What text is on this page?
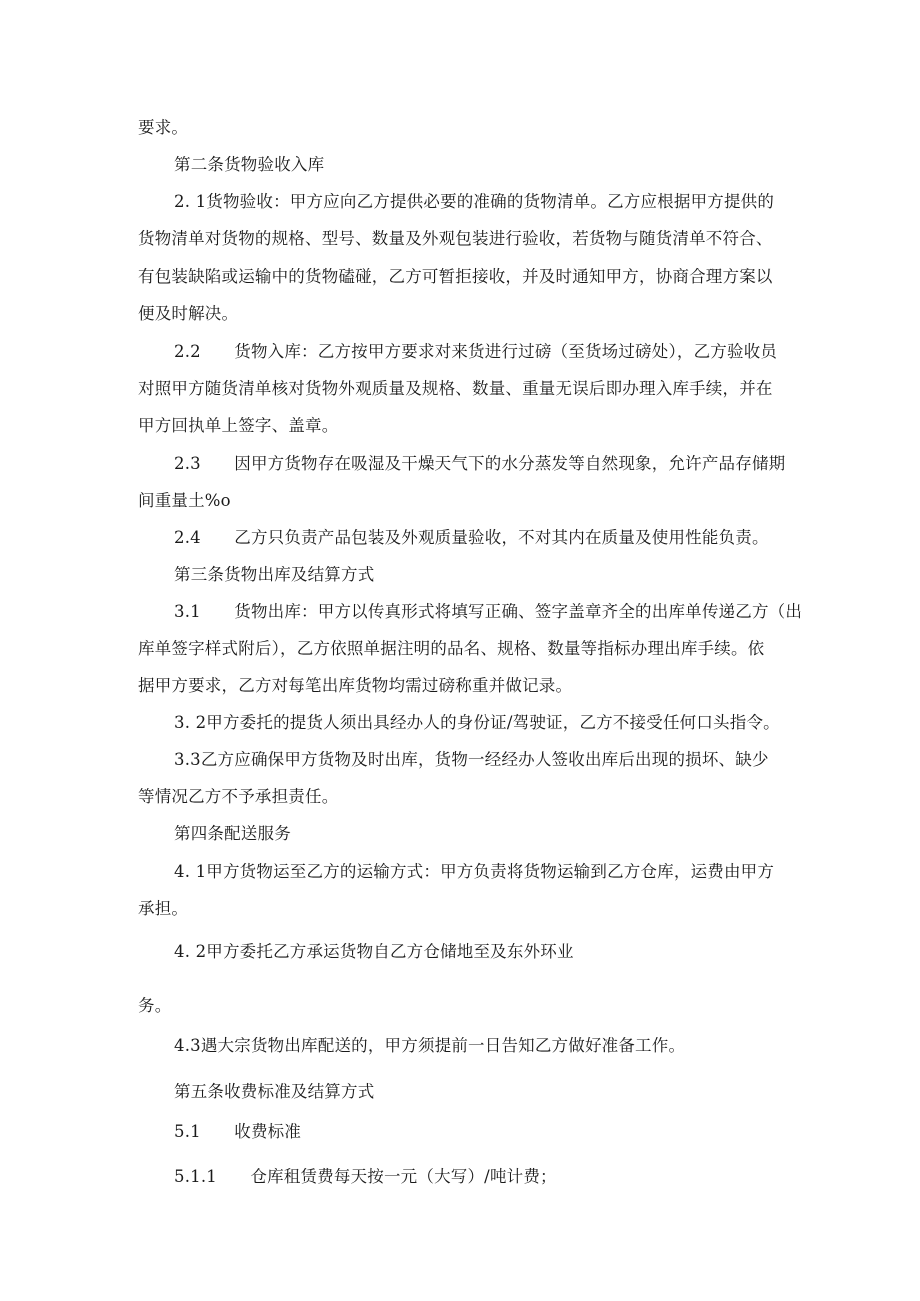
要求。
第二条货物验收入库
2. 1货物验收：甲方应向乙方提供必要的准确的货物清单。乙方应根据甲方提供的
货物清单对货物的规格、型号、数量及外观包装进行验收，若货物与随货清单不符合、
有包装缺陷或运输中的货物磕碰，乙方可暂拒接收，并及时通知甲方，协商合理方案以
便及时解决。
2.2　　货物入库：乙方按甲方要求对来货进行过磅（至货场过磅处），乙方验收员
对照甲方随货清单核对货物外观质量及规格、数量、重量无误后即办理入库手续，并在
甲方回执单上签字、盖章。
2.3　　因甲方货物存在吸湿及干燥天气下的水分蒸发等自然现象，允许产品存储期
间重量土%o
2.4　　乙方只负责产品包装及外观质量验收，不对其内在质量及使用性能负责。
第三条货物出库及结算方式
3.1　　货物出库：甲方以传真形式将填写正确、签字盖章齐全的出库单传递乙方（出
库单签字样式附后），乙方依照单据注明的品名、规格、数量等指标办理出库手续。依
据甲方要求，乙方对每笔出库货物均需过磅称重并做记录。
3. 2甲方委托的提货人须出具经办人的身份证/驾驶证，乙方不接受任何口头指令。
3.3乙方应确保甲方货物及时出库，货物一经经办人签收出库后出现的损坏、缺少
等情况乙方不予承担责任。
第四条配送服务
4. 1甲方货物运至乙方的运输方式：甲方负责将货物运输到乙方仓库，运费由甲方
承担。
4. 2甲方委托乙方承运货物自乙方仓储地至及东外环业
务。
4.3遇大宗货物出库配送的，甲方须提前一日告知乙方做好准备工作。
第五条收费标准及结算方式
5.1　　收费标准
5.1.1　　仓库租赁费每天按一元（大写）/吨计费；
